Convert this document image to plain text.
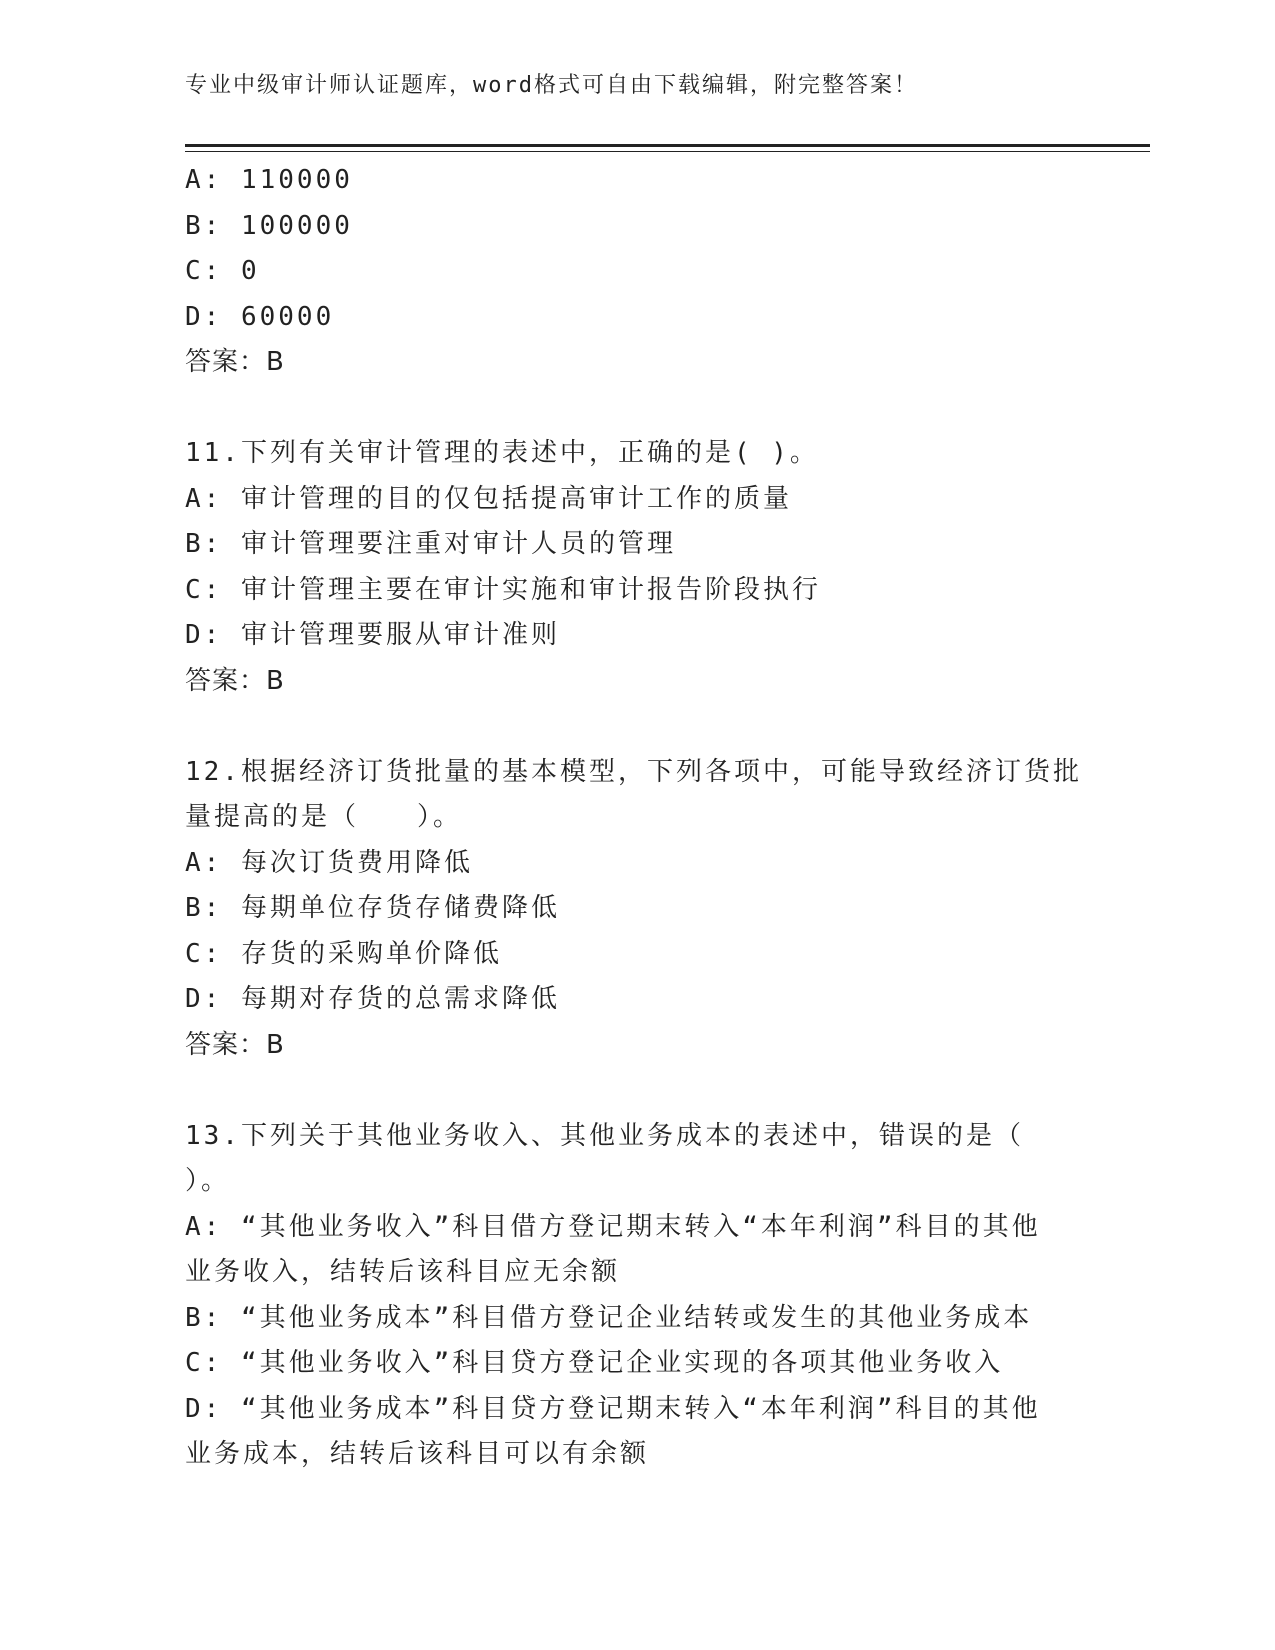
专业中级审计师认证题库，word格式可自由下载编辑，附完整答案！
A: 110000
B: 100000
C: 0
D: 60000
答案：B
11.下列有关审计管理的表述中，正确的是( )。
A: 审计管理的目的仅包括提高审计工作的质量
B: 审计管理要注重对审计人员的管理
C: 审计管理主要在审计实施和审计报告阶段执行
D: 审计管理要服从审计准则
答案：B
12.根据经济订货批量的基本模型，下列各项中，可能导致经济订货批
量提高的是（　　）。
A: 每次订货费用降低
B: 每期单位存货存储费降低
C: 存货的采购单价降低
D: 每期对存货的总需求降低
答案：B
13.下列关于其他业务收入、其他业务成本的表述中，错误的是（
）。
A: “其他业务收入”科目借方登记期末转入“本年利润”科目的其他
业务收入，结转后该科目应无余额
B: “其他业务成本”科目借方登记企业结转或发生的其他业务成本
C: “其他业务收入”科目贷方登记企业实现的各项其他业务收入
D: “其他业务成本”科目贷方登记期末转入“本年利润”科目的其他
业务成本，结转后该科目可以有余额
